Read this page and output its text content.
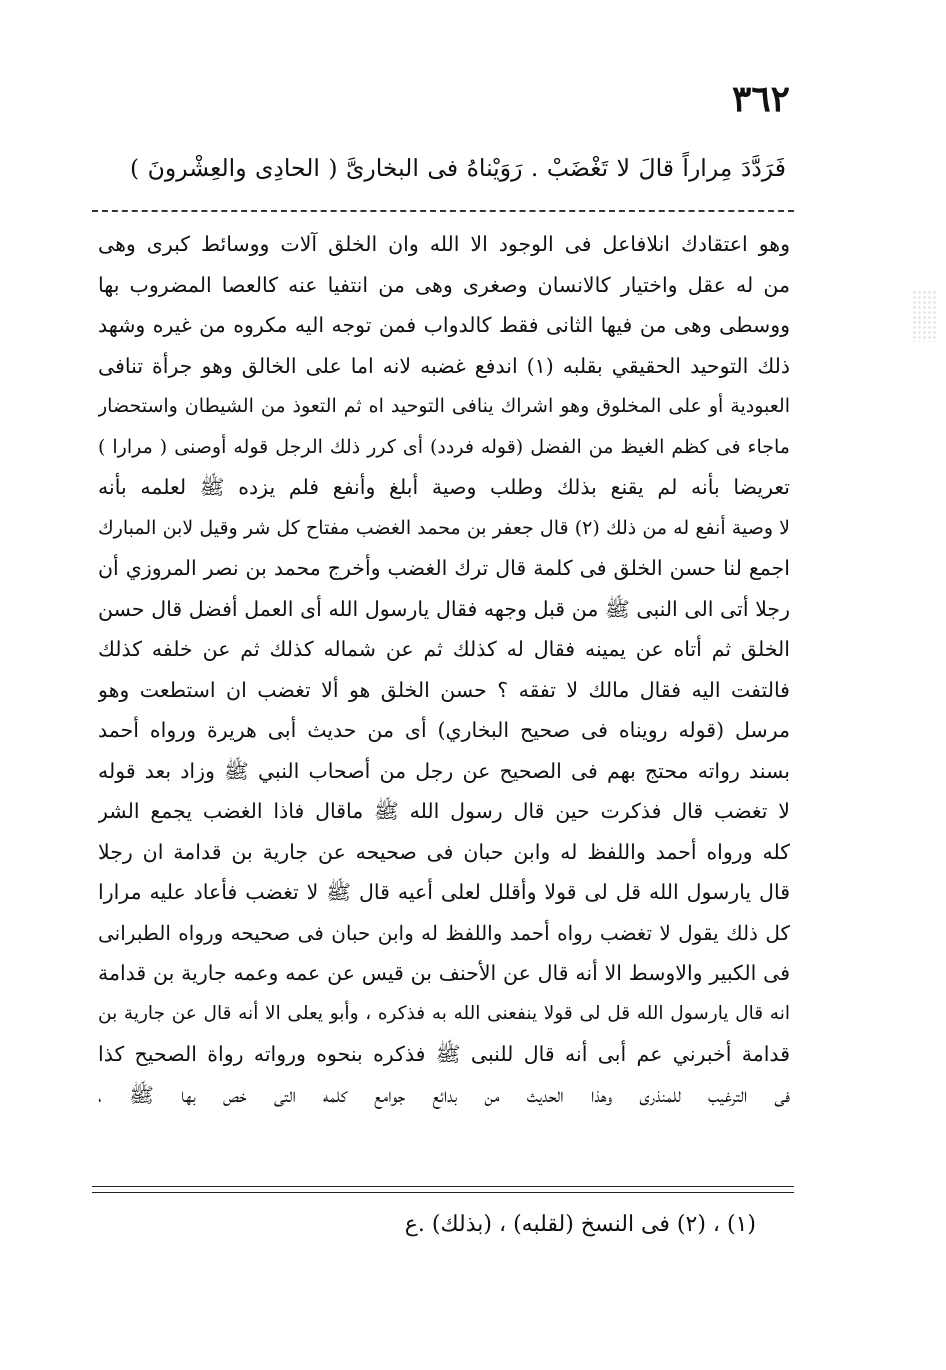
٣٦٢
فَرَدَّدَ مِراراً قالَ لا تَغْضَبْ . رَوَيْناهُ فى البخارىَّ ( الحادِى والعِشْرونَ )
وهو اعتقادك انلافاعل فى الوجود الا الله وان الخلق آلات ووسائط كبرى وهى
من له عقل واختيار كالانسان وصغرى وهى من انتفيا عنه كالعصا المضروب بها
ووسطى وهى من فيها الثانى فقط كالدواب فمن توجه اليه مكروه من غيره وشهد
ذلك التوحيد الحقيقي بقلبه (١) اندفع غضبه لانه اما على الخالق وهو جرأة تنافى
العبودية أو على المخلوق وهو اشراك ينافى التوحيد اه ثم التعوذ من الشيطان واستحضار
ماجاء فى كظم الغيظ من الفضل (قوله فردد) أى كرر ذلك الرجل قوله أوصنى ( مرارا )
تعريضا بأنه لم يقنع بذلك وطلب وصية أبلغ وأنفع فلم يزده ﷺ لعلمه بأنه
لا وصية أنفع له من ذلك (٢) قال جعفر بن محمد الغضب مفتاح كل شر وقيل لابن المبارك
اجمع لنا حسن الخلق فى كلمة قال ترك الغضب وأخرج محمد بن نصر المروزي أن
رجلا أتى الى النبى ﷺ من قبل وجهه فقال يارسول الله أى العمل أفضل قال حسن
الخلق ثم أتاه عن يمينه فقال له كذلك ثم عن شماله كذلك ثم عن خلفه كذلك
فالتفت اليه فقال مالك لا تفقه ؟ حسن الخلق هو ألا تغضب ان استطعت وهو
مرسل (قوله رويناه فى صحيح البخاري) أى من حديث أبى هريرة ورواه أحمد
بسند رواته محتج بهم فى الصحيح عن رجل من أصحاب النبي ﷺ وزاد بعد قوله
لا تغضب قال فذكرت حين قال رسول الله ﷺ ماقال فاذا الغضب يجمع الشر
كله ورواه أحمد واللفظ له وابن حبان فى صحيحه عن جارية بن قدامة ان رجلا
قال يارسول الله قل لى قولا وأقلل لعلى أعيه قال ﷺ لا تغضب فأعاد عليه مرارا
كل ذلك يقول لا تغضب رواه أحمد واللفظ له وابن حبان فى صحيحه ورواه الطبرانى
فى الكبير والاوسط الا أنه قال عن الأحنف بن قيس عن عمه وعمه جارية بن قدامة
انه قال يارسول الله قل لى قولا ينفعنى الله به فذكره ، وأبو يعلى الا أنه قال عن جارية بن
قدامة أخبرني عم أبى أنه قال للنبى ﷺ فذكره بنحوه ورواته رواة الصحيح كذا
فى الترغيب للمنذرى وهذا الحديث من بدائع جوامع كلمه التى خص بها ﷺ ،
(١) ، (٢) فى النسخ (لقلبه) ، (بذلك) .ع
